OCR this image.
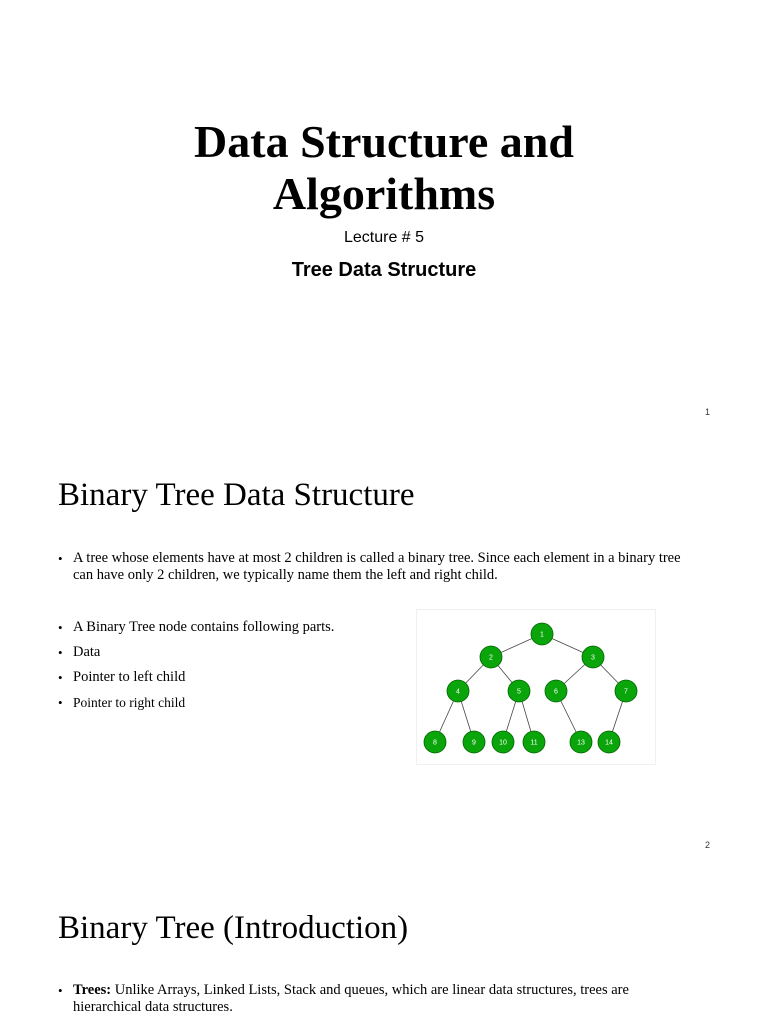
Data Structure and
Algorithms
Lecture # 5
Tree Data Structure
1
Binary Tree Data Structure
• A tree whose elements have at most 2 children is called a binary tree. Since each element in a binary tree can have only 2 children, we typically name them the left and right child.
• A Binary Tree node contains following parts.
• Data
• Pointer to left child
• Pointer to right child
1
2	3
4	5	6	7
8	9	10	11	13	14
2
Binary Tree (Introduction)
• Trees: Unlike Arrays, Linked Lists, Stack and queues, which are linear data structures, trees are hierarchical data structures.
